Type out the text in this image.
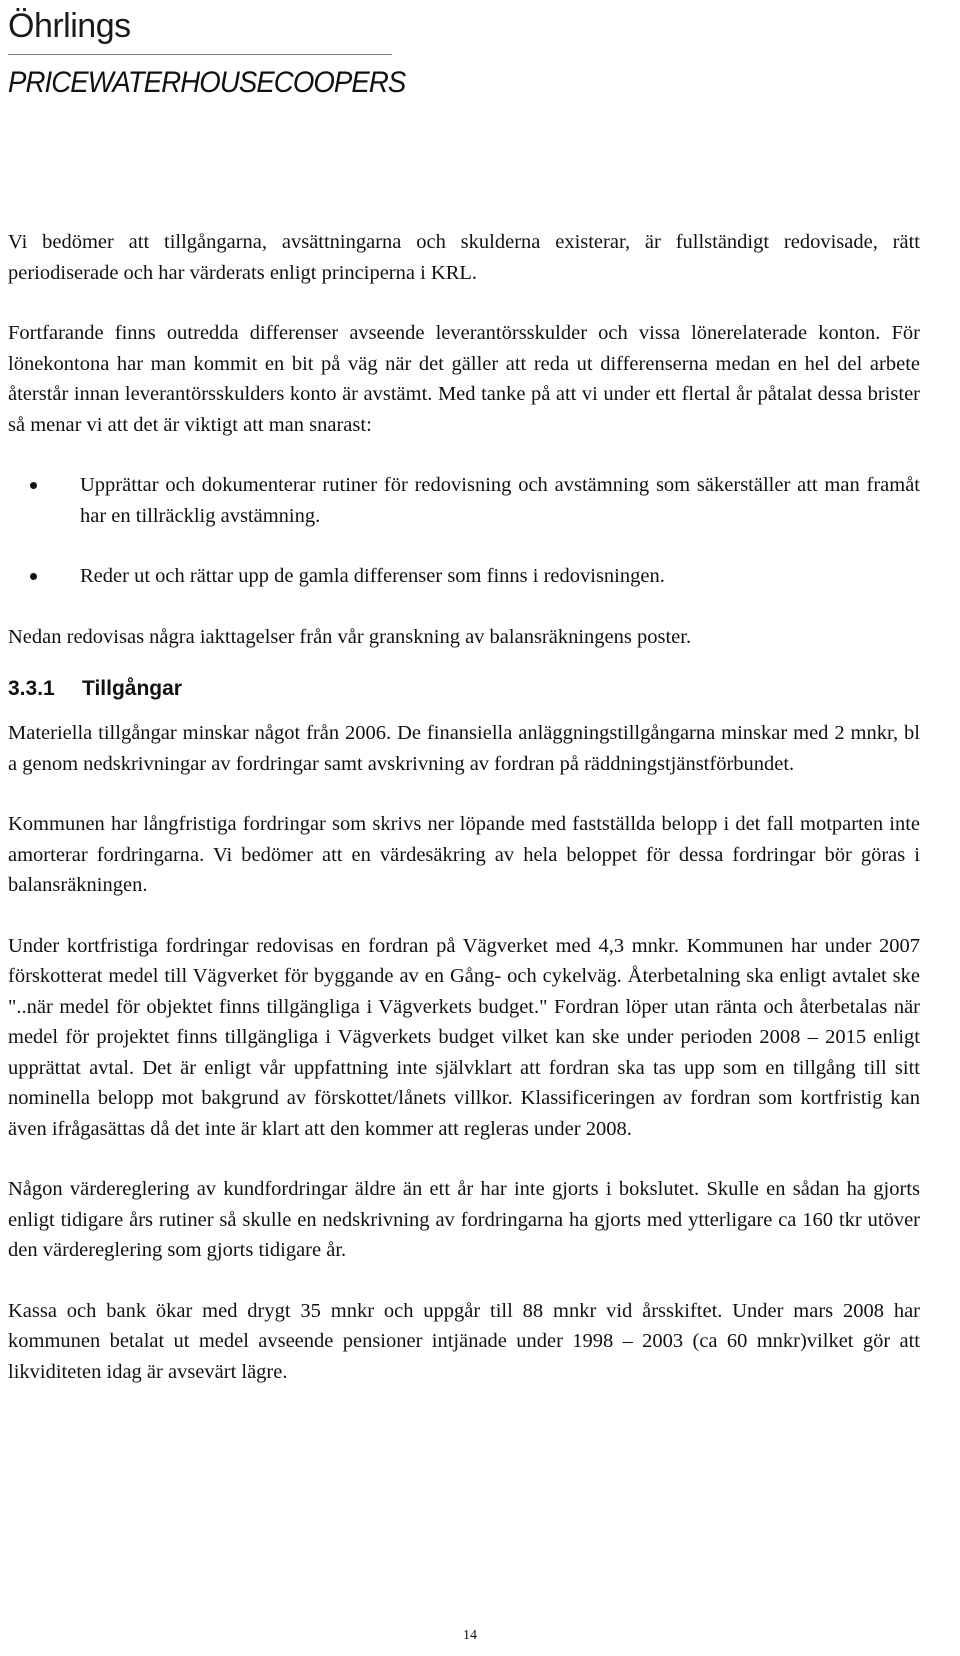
Öhrlings
PRICEWATERHOUSECOOPERS

Vi bedömer att tillgångarna, avsättningarna och skulderna existerar, är fullständigt redovisade, rätt periodiserade och har värderats enligt principerna i KRL.

Fortfarande finns outredda differenser avseende leverantörsskulder och vissa lönerelaterade konton. För lönekontona har man kommit en bit på väg när det gäller att reda ut differenserna medan en hel del arbete återstår innan leverantörsskulders konto är avstämt. Med tanke på att vi under ett flertal år påtalat dessa brister så menar vi att det är viktigt att man snarast:

Upprättar och dokumenterar rutiner för redovisning och avstämning som säkerställer att man framåt har en tillräcklig avstämning.
Reder ut och rättar upp de gamla differenser som finns i redovisningen.

Nedan redovisas några iakttagelser från vår granskning av balansräkningens poster.

3.3.1 Tillgångar

Materiella tillgångar minskar något från 2006. De finansiella anläggningstillgångarna minskar med 2 mnkr, bl a genom nedskrivningar av fordringar samt avskrivning av fordran på räddningstjänstförbundet.

Kommunen har långfristiga fordringar som skrivs ner löpande med fastställda belopp i det fall motparten inte amorterar fordringarna. Vi bedömer att en värdesäkring av hela beloppet för dessa fordringar bör göras i balansräkningen.

Under kortfristiga fordringar redovisas en fordran på Vägverket med 4,3 mnkr. Kommunen har under 2007 förskotterat medel till Vägverket för byggande av en Gång- och cykelväg. Återbetalning ska enligt avtalet ske "..när medel för objektet finns tillgängliga i Vägverkets budget." Fordran löper utan ränta och återbetalas när medel för projektet finns tillgängliga i Vägverkets budget vilket kan ske under perioden 2008 – 2015 enligt upprättat avtal. Det är enligt vår uppfattning inte självklart att fordran ska tas upp som en tillgång till sitt nominella belopp mot bakgrund av förskottet/lånets villkor. Klassificeringen av fordran som kortfristig kan även ifrågasättas då det inte är klart att den kommer att regleras under 2008.

Någon värdereglering av kundfordringar äldre än ett år har inte gjorts i bokslutet. Skulle en sådan ha gjorts enligt tidigare års rutiner så skulle en nedskrivning av fordringarna ha gjorts med ytterligare ca 160 tkr utöver den värdereglering som gjorts tidigare år.

Kassa och bank ökar med drygt 35 mnkr och uppgår till 88 mnkr vid årsskiftet. Under mars 2008 har kommunen betalat ut medel avseende pensioner intjänade under 1998 – 2003 (ca 60 mnkr)vilket gör att likviditeten idag är avsevärt lägre.

14
